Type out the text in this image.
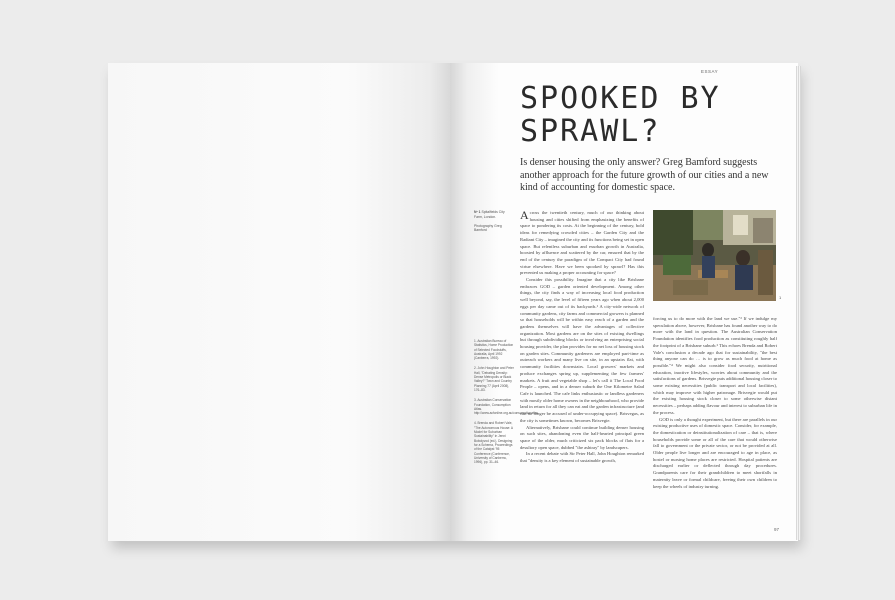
ESSAY
SPOOKED BY
SPRAWL?

Is denser housing the only answer? Greg Bamford suggests another approach for the future growth of our cities and a new kind of accounting for domestic space.

Nº 1 Spitalfields City Farm, London.

Photography Greg Bamford

1. Australian Bureau of Statistics, Home Production of Selected Foodstuffs, Australia, April 1992 (Canberra, 1992).

2. John Houghton and Peter Hall, "Debating Density: Dense Metropolis or Black Valley?" Town and Country Planning 77 (April 2008), 176–83.

3. Australian Conservation Foundation, Consumption Atlas. http://www.acfonline.org.au/consumptionatlas

4. Brenda and Robert Vale, "The Autonomous House: A Model for Suburban Sustainability" in Jenni Bobolyvod (ed.), Designing for a Schema, Proceedings of the Catalyst '95 Conference (Conference, University of Canberra, 1996), pp. 31–46.

Across the twentieth century, much of our thinking about housing and cities shifted from emphasizing the benefits of space to pondering its costs. At the beginning of the century, bold ideas for remedying crowded cities – the Garden City and the Radiant City – imagined the city and its functions being set in open space. But relentless suburban and exurban growth in Australia, boosted by affluence and scattered by the car, ensured that by the end of the century the paradigm of the Compact City had found virtue elsewhere. Have we been spooked by sprawl? Has this prevented us making a proper accounting for space?

Consider this possibility. Imagine that a city like Brisbane embraces GOD – garden oriented development. Among other things, the city finds a way of increasing local food production well beyond, say, the level of fifteen years ago when about 2,000 eggs per day came out of its backyards.¹ A city-wide network of community gardens, city farms and commercial growers is planned so that households will be within easy reach of a garden and the gardens themselves will have the advantages of collective organization. Most gardens are on the sites of existing dwellings but through subdividing blocks or involving an enterprising social housing provider, the plan provides for no net loss of housing stock on garden sites. Community gardeners are employed part-time as outreach workers and many live on site, in an upstairs flat, with community facilities downstairs. Local growers' markets and produce exchanges spring up, supplementing the few farmers' markets. A fruit and vegetable shop – let's call it The Local Food People – opens, and in a denser suburb the One Kilometre Salad Cafe is launched. The cafe links enthusiastic or landless gardeners with mostly older home owners in the neighbourhood, who provide land in return for all they can eat and the garden infrastructure (and can no longer be accused of under-occupying space). Brisvegas, as the city is sometimes known, becomes Brisvegie.

Alternatively, Brisbane could continue building denser housing on such sites, abandoning even the half-hearted principal green space of the older, much criticized six pack blocks of flats for a desultory open space, dubbed "the ashtray" by landscapers.

In a recent debate with Sir Peter Hall, John Houghton remarked that "density is a key element of sustainable growth,

1

forcing us to do more with the land we use."² If we indulge my speculation above, however, Brisbane has found another way to do more with the land in question. The Australian Conservation Foundation identifies food production as constituting roughly half the footprint of a Brisbane suburb.³ This echoes Brenda and Robert Vale's conclusion a decade ago that for sustainability, "the best thing anyone can do … is to grow as much food at home as possible."⁴ We might also consider food security, nutritional education, inactive lifestyles, worries about community and the satisfactions of gardens. Brisvegie puts additional housing closer to some existing necessities (public transport and local facilities), which may improve with higher patronage. Brisvegie would put the existing housing stock closer to some otherwise distant necessities – perhaps adding flavour and interest to suburban life in the process.

GOD is only a thought experiment, but there are parallels in our existing productive uses of domestic space. Consider, for example, the domestication or deinstitutionalization of care – that is, where households provide some or all of the care that would otherwise fall to government or the private sector, or not be provided at all. Older people live longer and are encouraged to age in place, as hostel or nursing home places are restricted. Hospital patients are discharged earlier or deflected through day procedures. Grandparents care for their grandchildren to meet shortfalls in maternity leave or formal childcare, freeing their own children to keep the wheels of industry turning.

97
